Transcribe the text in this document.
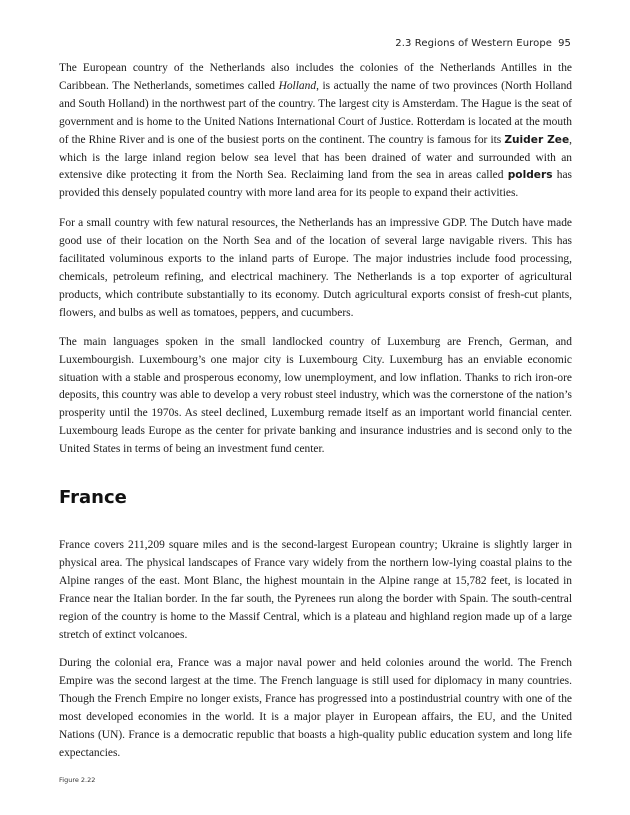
2.3 Regions of Western Europe 95

The European country of the Netherlands also includes the colonies of the Netherlands Antilles in the Caribbean. The Netherlands, sometimes called Holland, is actually the name of two provinces (North Holland and South Holland) in the northwest part of the country. The largest city is Amsterdam. The Hague is the seat of government and is home to the United Nations International Court of Justice. Rotterdam is located at the mouth of the Rhine River and is one of the busiest ports on the continent. The country is famous for its Zuider Zee, which is the large inland region below sea level that has been drained of water and surrounded with an extensive dike protecting it from the North Sea. Reclaiming land from the sea in areas called polders has provided this densely populated country with more land area for its people to expand their activities.

For a small country with few natural resources, the Netherlands has an impressive GDP. The Dutch have made good use of their location on the North Sea and of the location of several large navigable rivers. This has facilitated voluminous exports to the inland parts of Europe. The major industries include food processing, chemicals, petroleum refining, and electrical machinery. The Netherlands is a top exporter of agricultural products, which contribute substantially to its economy. Dutch agricultural exports consist of fresh-cut plants, flowers, and bulbs as well as tomatoes, peppers, and cucumbers.

The main languages spoken in the small landlocked country of Luxemburg are French, German, and Luxembourgish. Luxembourg’s one major city is Luxembourg City. Luxemburg has an enviable economic situation with a stable and prosperous economy, low unemployment, and low inflation. Thanks to rich iron-ore deposits, this country was able to develop a very robust steel industry, which was the cornerstone of the nation’s prosperity until the 1970s. As steel declined, Luxemburg remade itself as an important world financial center. Luxembourg leads Europe as the center for private banking and insurance industries and is second only to the United States in terms of being an investment fund center.

France

France covers 211,209 square miles and is the second-largest European country; Ukraine is slightly larger in physical area. The physical landscapes of France vary widely from the northern low-lying coastal plains to the Alpine ranges of the east. Mont Blanc, the highest mountain in the Alpine range at 15,782 feet, is located in France near the Italian border. In the far south, the Pyrenees run along the border with Spain. The south-central region of the country is home to the Massif Central, which is a plateau and highland region made up of a large stretch of extinct volcanoes.

During the colonial era, France was a major naval power and held colonies around the world. The French Empire was the second largest at the time. The French language is still used for diplomacy in many countries. Though the French Empire no longer exists, France has progressed into a postindustrial country with one of the most developed economies in the world. It is a major player in European affairs, the EU, and the United Nations (UN). France is a democratic republic that boasts a high-quality public education system and long life expectancies.

Figure 2.22
